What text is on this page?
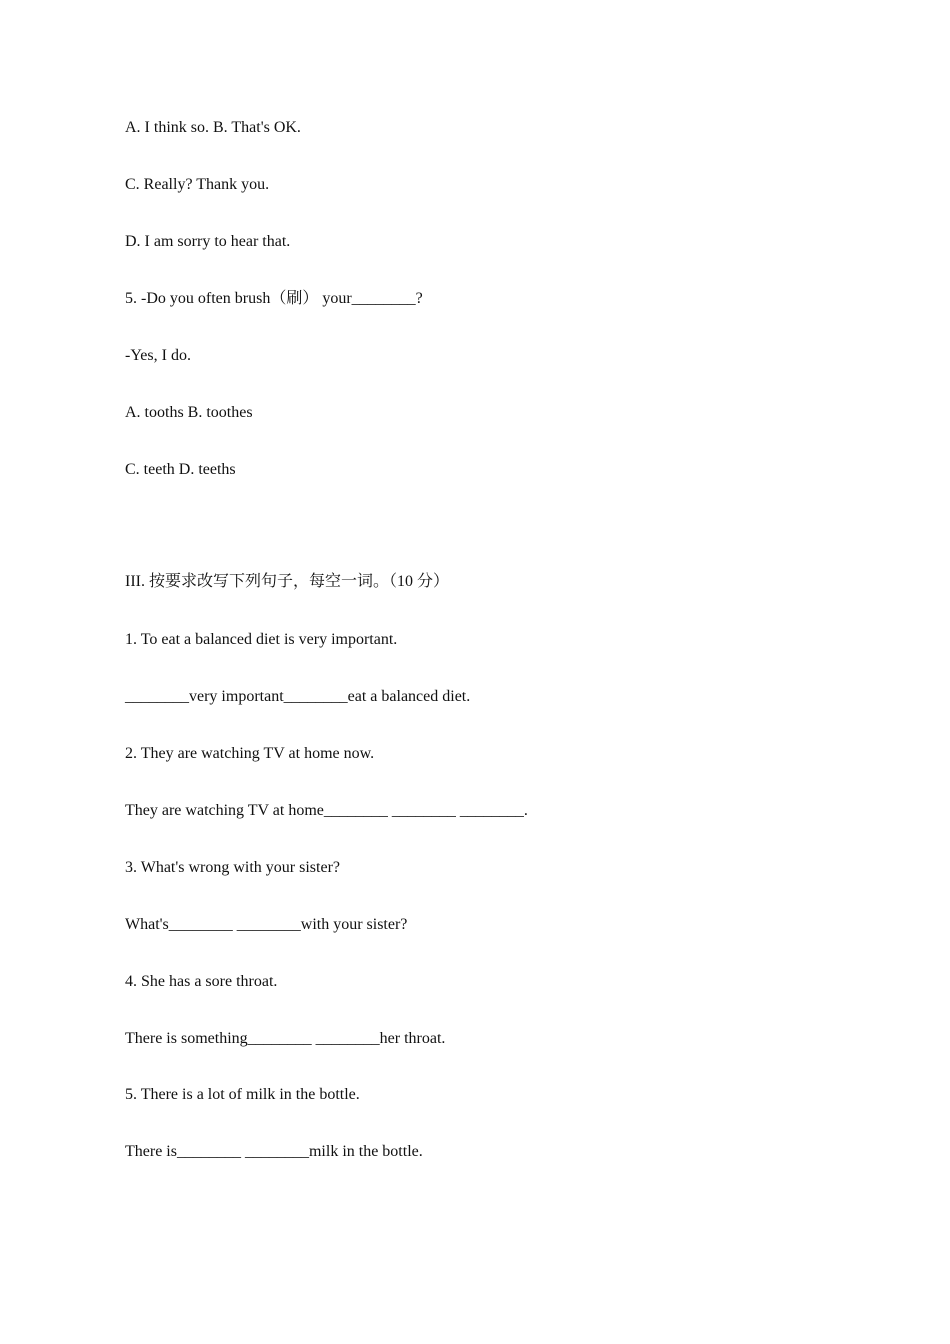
A. I think so. B. That's OK.
C. Really? Thank you.
D. I am sorry to hear that.
5. -Do you often brush（刷） your________?
-Yes, I do.
A. tooths B. toothes
C. teeth D. teeths
III. 按要求改写下列句子，每空一词。（10 分）
1. To eat a balanced diet is very important.
________very important________eat a balanced diet.
2. They are watching TV at home now.
They are watching TV at home________ ________ ________.
3. What's wrong with your sister?
What's________ ________with your sister?
4. She has a sore throat.
There is something________ ________her throat.
5. There is a lot of milk in the bottle.
There is________ ________milk in the bottle.
